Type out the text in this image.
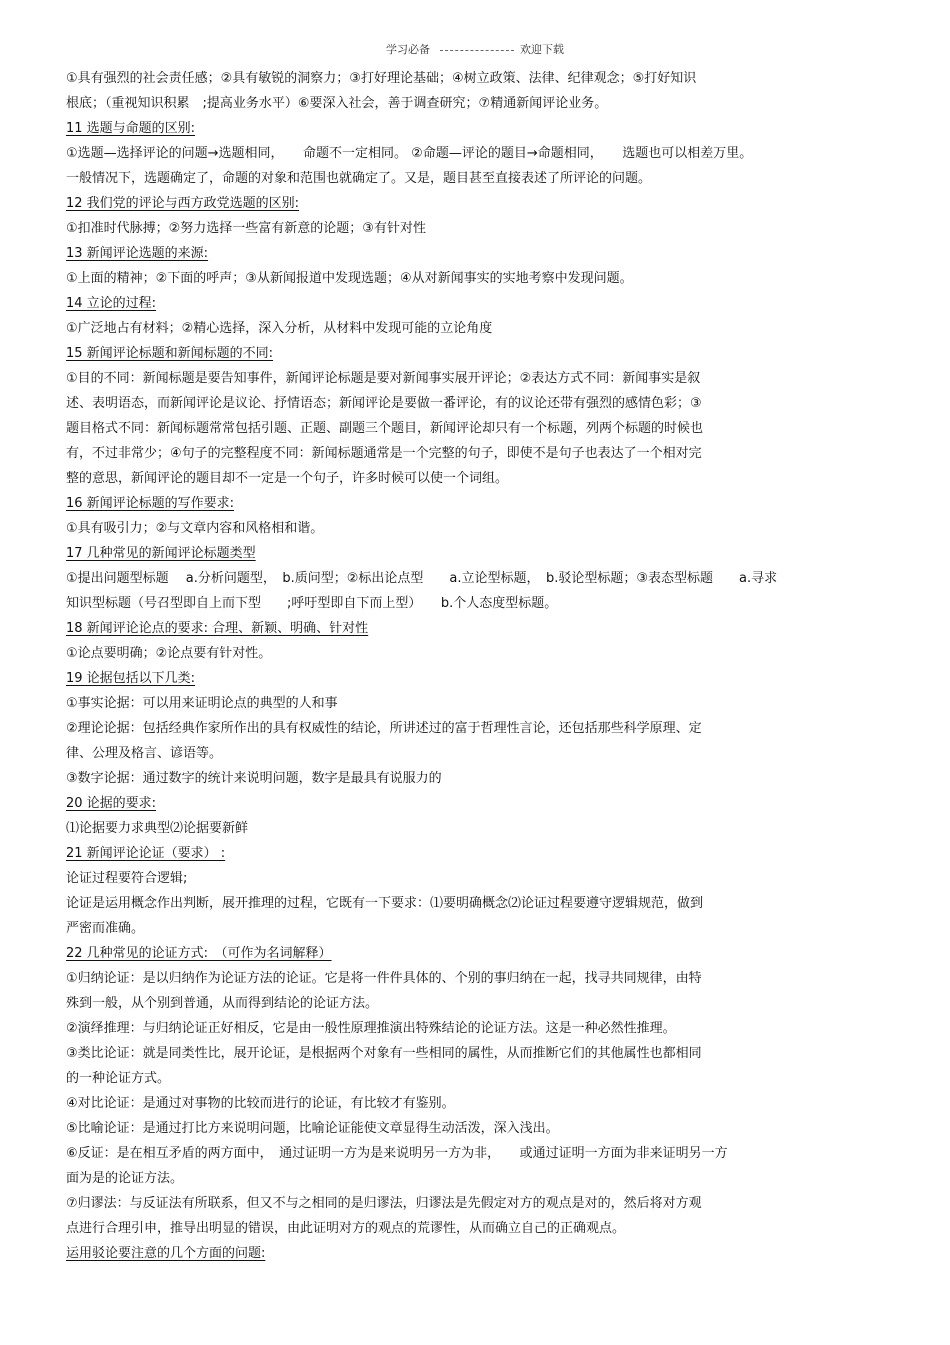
学习必备	欢迎下载
①具有强烈的社会责任感；②具有敏锐的洞察力；③打好理论基础；④树立政策、法律、纪律观念；⑤打好知识
根底；（重视知识积累　;提高业务水平）⑥要深入社会，善于调查研究；⑦精通新闻评论业务。
11 选题与命题的区别:
①选题—选择评论的问题→选题相同，　　命题不一定相同。 ②命题—评论的题目→命题相同，　　选题也可以相差万里。
一般情况下，选题确定了，命题的对象和范围也就确定了。又是，题目甚至直接表述了所评论的问题。
12 我们党的评论与西方政党选题的区别:
①扣准时代脉搏；②努力选择一些富有新意的论题；③有针对性
13 新闻评论选题的来源:
①上面的精神；②下面的呼声；③从新闻报道中发现选题；④从对新闻事实的实地考察中发现问题。
14 立论的过程:
①广泛地占有材料；②精心选择，深入分析，从材料中发现可能的立论角度
15 新闻评论标题和新闻标题的不同:
①目的不同：新闻标题是要告知事件，新闻评论标题是要对新闻事实展开评论；②表达方式不同：新闻事实是叙
述、表明语态，而新闻评论是议论、抒情语态；新闻评论是要做一番评论，有的议论还带有强烈的感情色彩；③
题目格式不同：新闻标题常常包括引题、正题、副题三个题目，新闻评论却只有一个标题，列两个标题的时候也
有，不过非常少；④句子的完整程度不同：新闻标题通常是一个完整的句子，即使不是句子也表达了一个相对完
整的意思，新闻评论的题目却不一定是一个句子，许多时候可以使一个词组。
16 新闻评论标题的写作要求:
①具有吸引力；②与文章内容和风格相和谐。
17 几种常见的新闻评论标题类型
①提出问题型标题　 a.分析问题型，　b.质问型；②标出论点型　　a.立论型标题，　b.驳论型标题；③表态型标题　　a.寻求
知识型标题（号召型即自上而下型　　;呼吁型即自下而上型）　　b.个人态度型标题。
18 新闻评论论点的要求: 合理、新颖、明确、针对性
①论点要明确；②论点要有针对性。
19 论据包括以下几类:
①事实论据：可以用来证明论点的典型的人和事
②理论论据：包括经典作家所作出的具有权威性的结论，所讲述过的富于哲理性言论，还包括那些科学原理、定
律、公理及格言、谚语等。
③数字论据：通过数字的统计来说明问题，数字是最具有说服力的
20 论据的要求:
⑴论据要力求典型⑵论据要新鲜
21 新闻评论论证（要求） :
论证过程要符合逻辑;
论证是运用概念作出判断，展开推理的过程，它既有一下要求：⑴要明确概念⑵论证过程要遵守逻辑规范，做到
严密而准确。
22 几种常见的论证方式:　（可作为名词解释）
①归纳论证：是以归纳作为论证方法的论证。它是将一件件具体的、个别的事归纳在一起，找寻共同规律，由特
殊到一般，从个别到普通，从而得到结论的论证方法。
②演绎推理：与归纳论证正好相反，它是由一般性原理推演出特殊结论的论证方法。这是一种必然性推理。
③类比论证：就是同类性比，展开论证，是根据两个对象有一些相同的属性，从而推断它们的其他属性也都相同
的一种论证方式。
④对比论证：是通过对事物的比较而进行的论证，有比较才有鉴别。
⑤比喻论证：是通过打比方来说明问题，比喻论证能使文章显得生动活泼，深入浅出。
⑥反证：是在相互矛盾的两方面中，　通过证明一方为是来说明另一方为非，　　或通过证明一方面为非来证明另一方
面为是的论证方法。
⑦归谬法：与反证法有所联系，但又不与之相同的是归谬法，归谬法是先假定对方的观点是对的，然后将对方观
点进行合理引申，推导出明显的错误，由此证明对方的观点的荒谬性，从而确立自己的正确观点。
运用驳论要注意的几个方面的问题:
